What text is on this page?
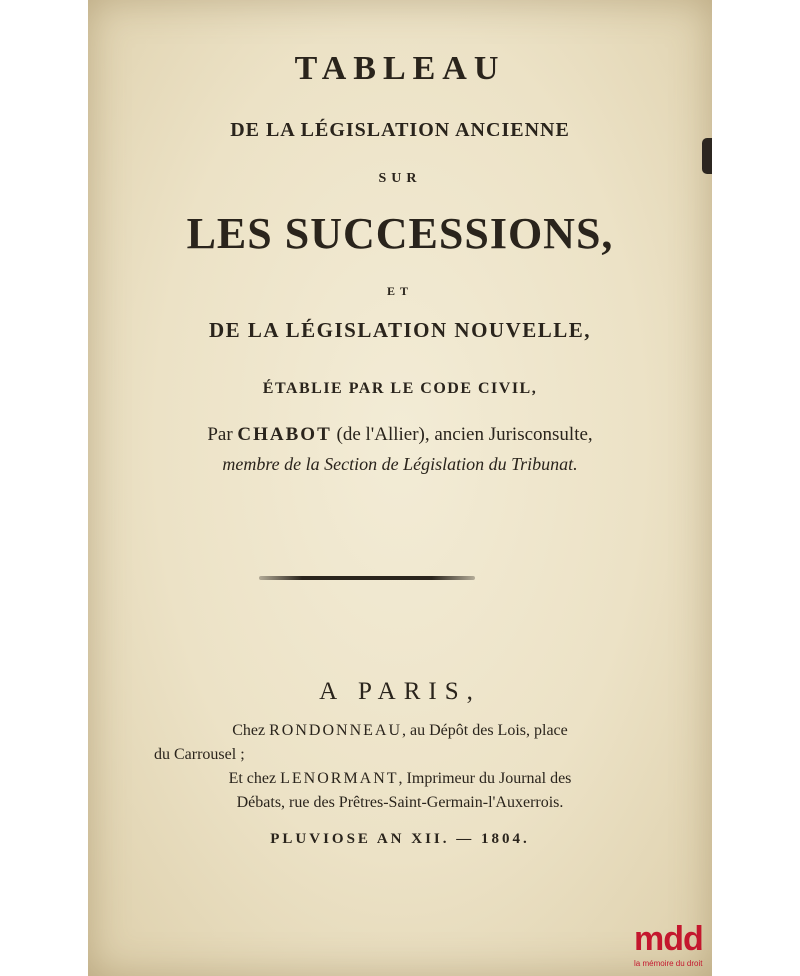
TABLEAU
DE LA LÉGISLATION ANCIENNE
SUR
LES SUCCESSIONS,
ET
DE LA LÉGISLATION NOUVELLE,
ÉTABLIE PAR LE CODE CIVIL,
Par CHABOT (de l'Allier), ancien Jurisconsulte,
membre de la Section de Législation du Tribunat.
A PARIS,
Chez RONDONNEAU, au Dépôt des Lois, place
du Carrousel ;
Et chez LENORMANT, Imprimeur du Journal des
Débats, rue des Prêtres-Saint-Germain-l'Auxerrois.
PLUVIOSE AN XII. — 1804.
mdd
la mémoire du droit
